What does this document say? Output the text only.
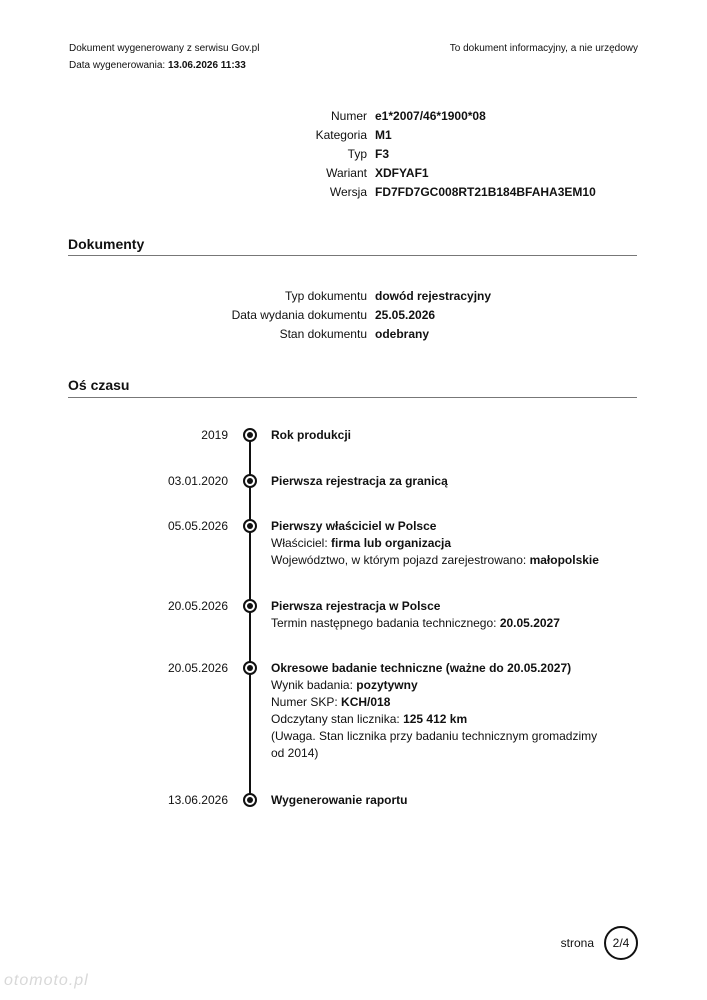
Dokument wygenerowany z serwisu Gov.pl
Data wygenerowania: 13.06.2026 11:33
To dokument informacyjny, a nie urzędowy
Numer e1*2007/46*1900*08
Kategoria M1
Typ F3
Wariant XDFYAF1
Wersja FD7FD7GC008RT21B184BFAHA3EM10
Dokumenty
Typ dokumentu dowód rejestracyjny
Data wydania dokumentu 25.05.2026
Stan dokumentu odebrany
Oś czasu
2019	Rok produkcji
03.01.2020	Pierwsza rejestracja za granicą
05.05.2026	Pierwszy właściciel w Polsce
Właściciel: firma lub organizacja
Województwo, w którym pojazd zarejestrowano: małopolskie
20.05.2026	Pierwsza rejestracja w Polsce
Termin następnego badania technicznego: 20.05.2027
20.05.2026	Okresowe badanie techniczne (ważne do 20.05.2027)
Wynik badania: pozytywny
Numer SKP: KCH/018
Odczytany stan licznika: 125 412 km
(Uwaga. Stan licznika przy badaniu technicznym gromadzimy od 2014)
13.06.2026	Wygenerowanie raportu
strona	2/4
otomoto.pl
